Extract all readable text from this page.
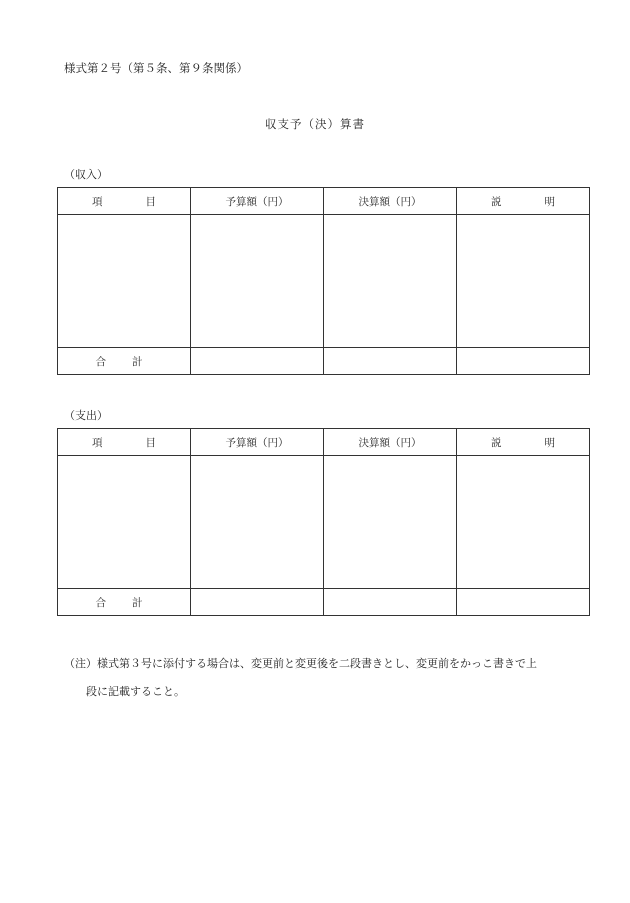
様式第２号（第５条、第９条関係）
収支予（決）算書
（収入）
項 目	予算額（円）	決算額（円）	説 明

合 計			

（支出）
項 目	予算額（円）	決算額（円）	説 明

合 計			

（注）様式第３号に添付する場合は、変更前と変更後を二段書きとし、変更前をかっこ書きで上
段に記載すること。
